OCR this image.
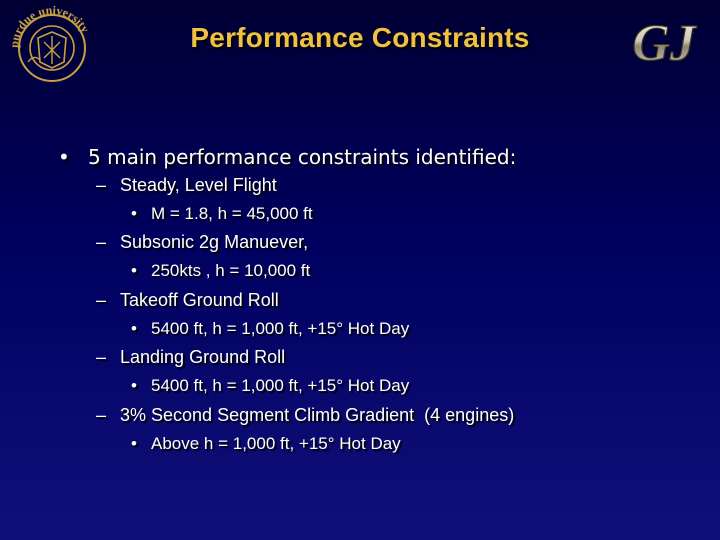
purdue university	Performance Constraints	GJ
• 5 main performance constraints identified:
– Steady, Level Flight
• M = 1.8, h = 45,000 ft
– Subsonic 2g Manuever,
• 250kts , h = 10,000 ft
– Takeoff Ground Roll
• 5400 ft, h = 1,000 ft, +15° Hot Day
– Landing Ground Roll
• 5400 ft, h = 1,000 ft, +15° Hot Day
– 3% Second Segment Climb Gradient  (4 engines)
• Above h = 1,000 ft, +15° Hot Day
